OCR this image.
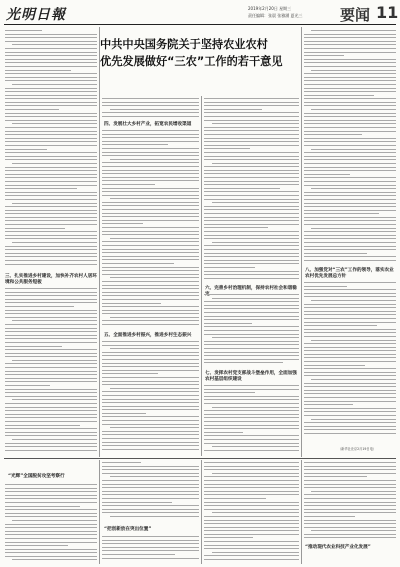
光明日報	2019年2月20日 星期三
责任编辑：张晨 张雅涵 夏光三 要闻 11
中共中央国务院关于坚持农业农村
优先发展做好“三农”工作的若干意见
三、扎实推进乡村建设，加快补齐农村人居环境和公共服务短板
四、发展壮大乡村产业，拓宽农民增收渠道
五、全面推进乡村振兴，推进乡村生态振兴
六、完善乡村治理机制，保持农村社会和谐稳
七、发挥农村党支部战斗堡垒作用，全面加强农村基层组织建设
八、加强党对“三农”工作的领导，落实农业农村优先发展总方针
（新华社北京2月19日电）
“光辉”全国脱贫攻坚考察行
“把创新放在突出位置”
“推动现代农业科技产业化发展”
